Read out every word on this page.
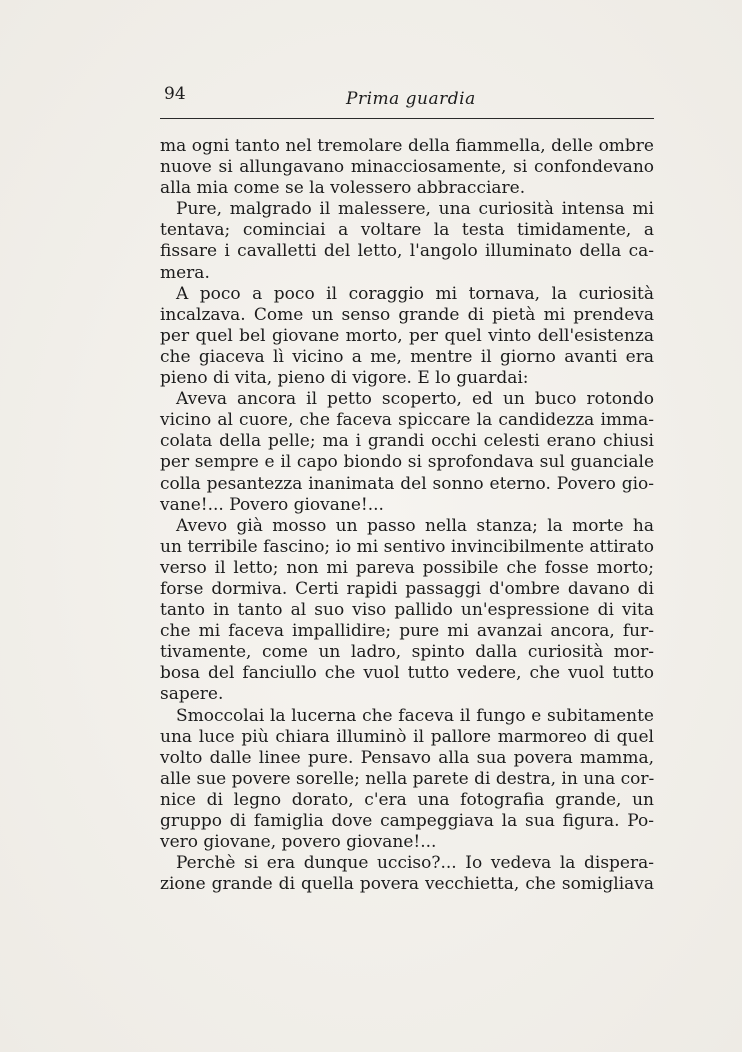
94	Prima guardia
ma ogni tanto nel tremolare della fiammella, delle ombre
nuove si allungavano minacciosamente, si confondevano
alla mia come se la volessero abbracciare.
Pure, malgrado il malessere, una curiosità intensa mi
tentava; cominciai a voltare la testa timidamente, a
fissare i cavalletti del letto, l'angolo illuminato della ca-
mera.
A poco a poco il coraggio mi tornava, la curiosità
incalzava. Come un senso grande di pietà mi prendeva
per quel bel giovane morto, per quel vinto dell'esistenza
che giaceva lì vicino a me, mentre il giorno avanti era
pieno di vita, pieno di vigore. E lo guardai:
Aveva ancora il petto scoperto, ed un buco rotondo
vicino al cuore, che faceva spiccare la candidezza imma-
colata della pelle; ma i grandi occhi celesti erano chiusi
per sempre e il capo biondo si sprofondava sul guanciale
colla pesantezza inanimata del sonno eterno. Povero gio-
vane!... Povero giovane!...
Avevo già mosso un passo nella stanza; la morte ha
un terribile fascino; io mi sentivo invincibilmente attirato
verso il letto; non mi pareva possibile che fosse morto;
forse dormiva. Certi rapidi passaggi d'ombre davano di
tanto in tanto al suo viso pallido un'espressione di vita
che mi faceva impallidire; pure mi avanzai ancora, fur-
tivamente, come un ladro, spinto dalla curiosità mor-
bosa del fanciullo che vuol tutto vedere, che vuol tutto
sapere.
Smoccolai la lucerna che faceva il fungo e subitamente
una luce più chiara illuminò il pallore marmoreo di quel
volto dalle linee pure. Pensavo alla sua povera mamma,
alle sue povere sorelle; nella parete di destra, in una cor-
nice di legno dorato, c'era una fotografia grande, un
gruppo di famiglia dove campeggiava la sua figura. Po-
vero giovane, povero giovane!...
Perchè si era dunque ucciso?... Io vedeva la dispera-
zione grande di quella povera vecchietta, che somigliava
